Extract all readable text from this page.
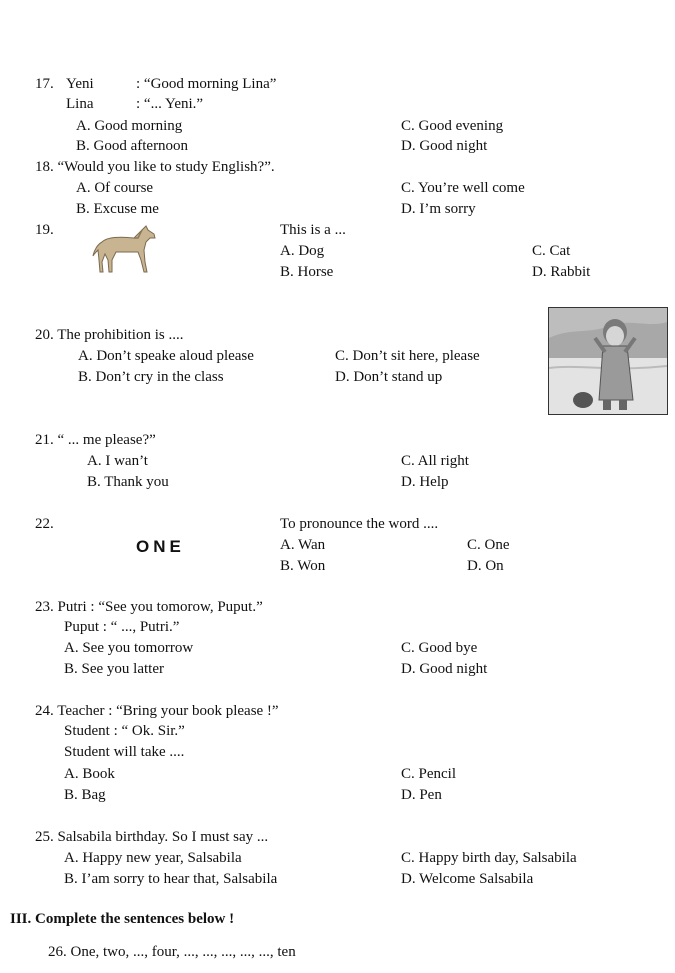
17. Yeni	: “Good morning Lina”
Lina	: “... Yeni.”
A. Good morning
B. Good afternoon
C. Good evening
D. Good night
18. “Would you like to study English?”.
A. Of course
B. Excuse me
C. You’re well come
D. I’m sorry
19.	This is a ...
A. Dog
B. Horse
C. Cat
D. Rabbit
20. The prohibition is ....
A. Don’t speake aloud please
B. Don’t cry in the class
C. Don’t sit here, please
D. Don’t stand up
21. “ ... me please?”
A. I wan’t
B. Thank you
C. All right
D. Help
22.
ONE
To pronounce the word ....
A. Wan
B. Won
C. One
D. On
23. Putri : “See you tomorow, Puput.”
Puput : “ ..., Putri.”
A. See you tomorrow
B. See you latter
C. Good bye
D. Good night
24. Teacher : “Bring your book please !”
Student : “ Ok. Sir.”
Student will take ....
A. Book
B. Bag
C. Pencil
D. Pen
25. Salsabila birthday. So I must say ...
A. Happy new year, Salsabila
B. I’am sorry to hear that, Salsabila
C. Happy birth day, Salsabila
D. Welcome Salsabila
III. Complete the sentences below !
26. One, two, ..., four, ..., ..., ..., ..., ..., ten
